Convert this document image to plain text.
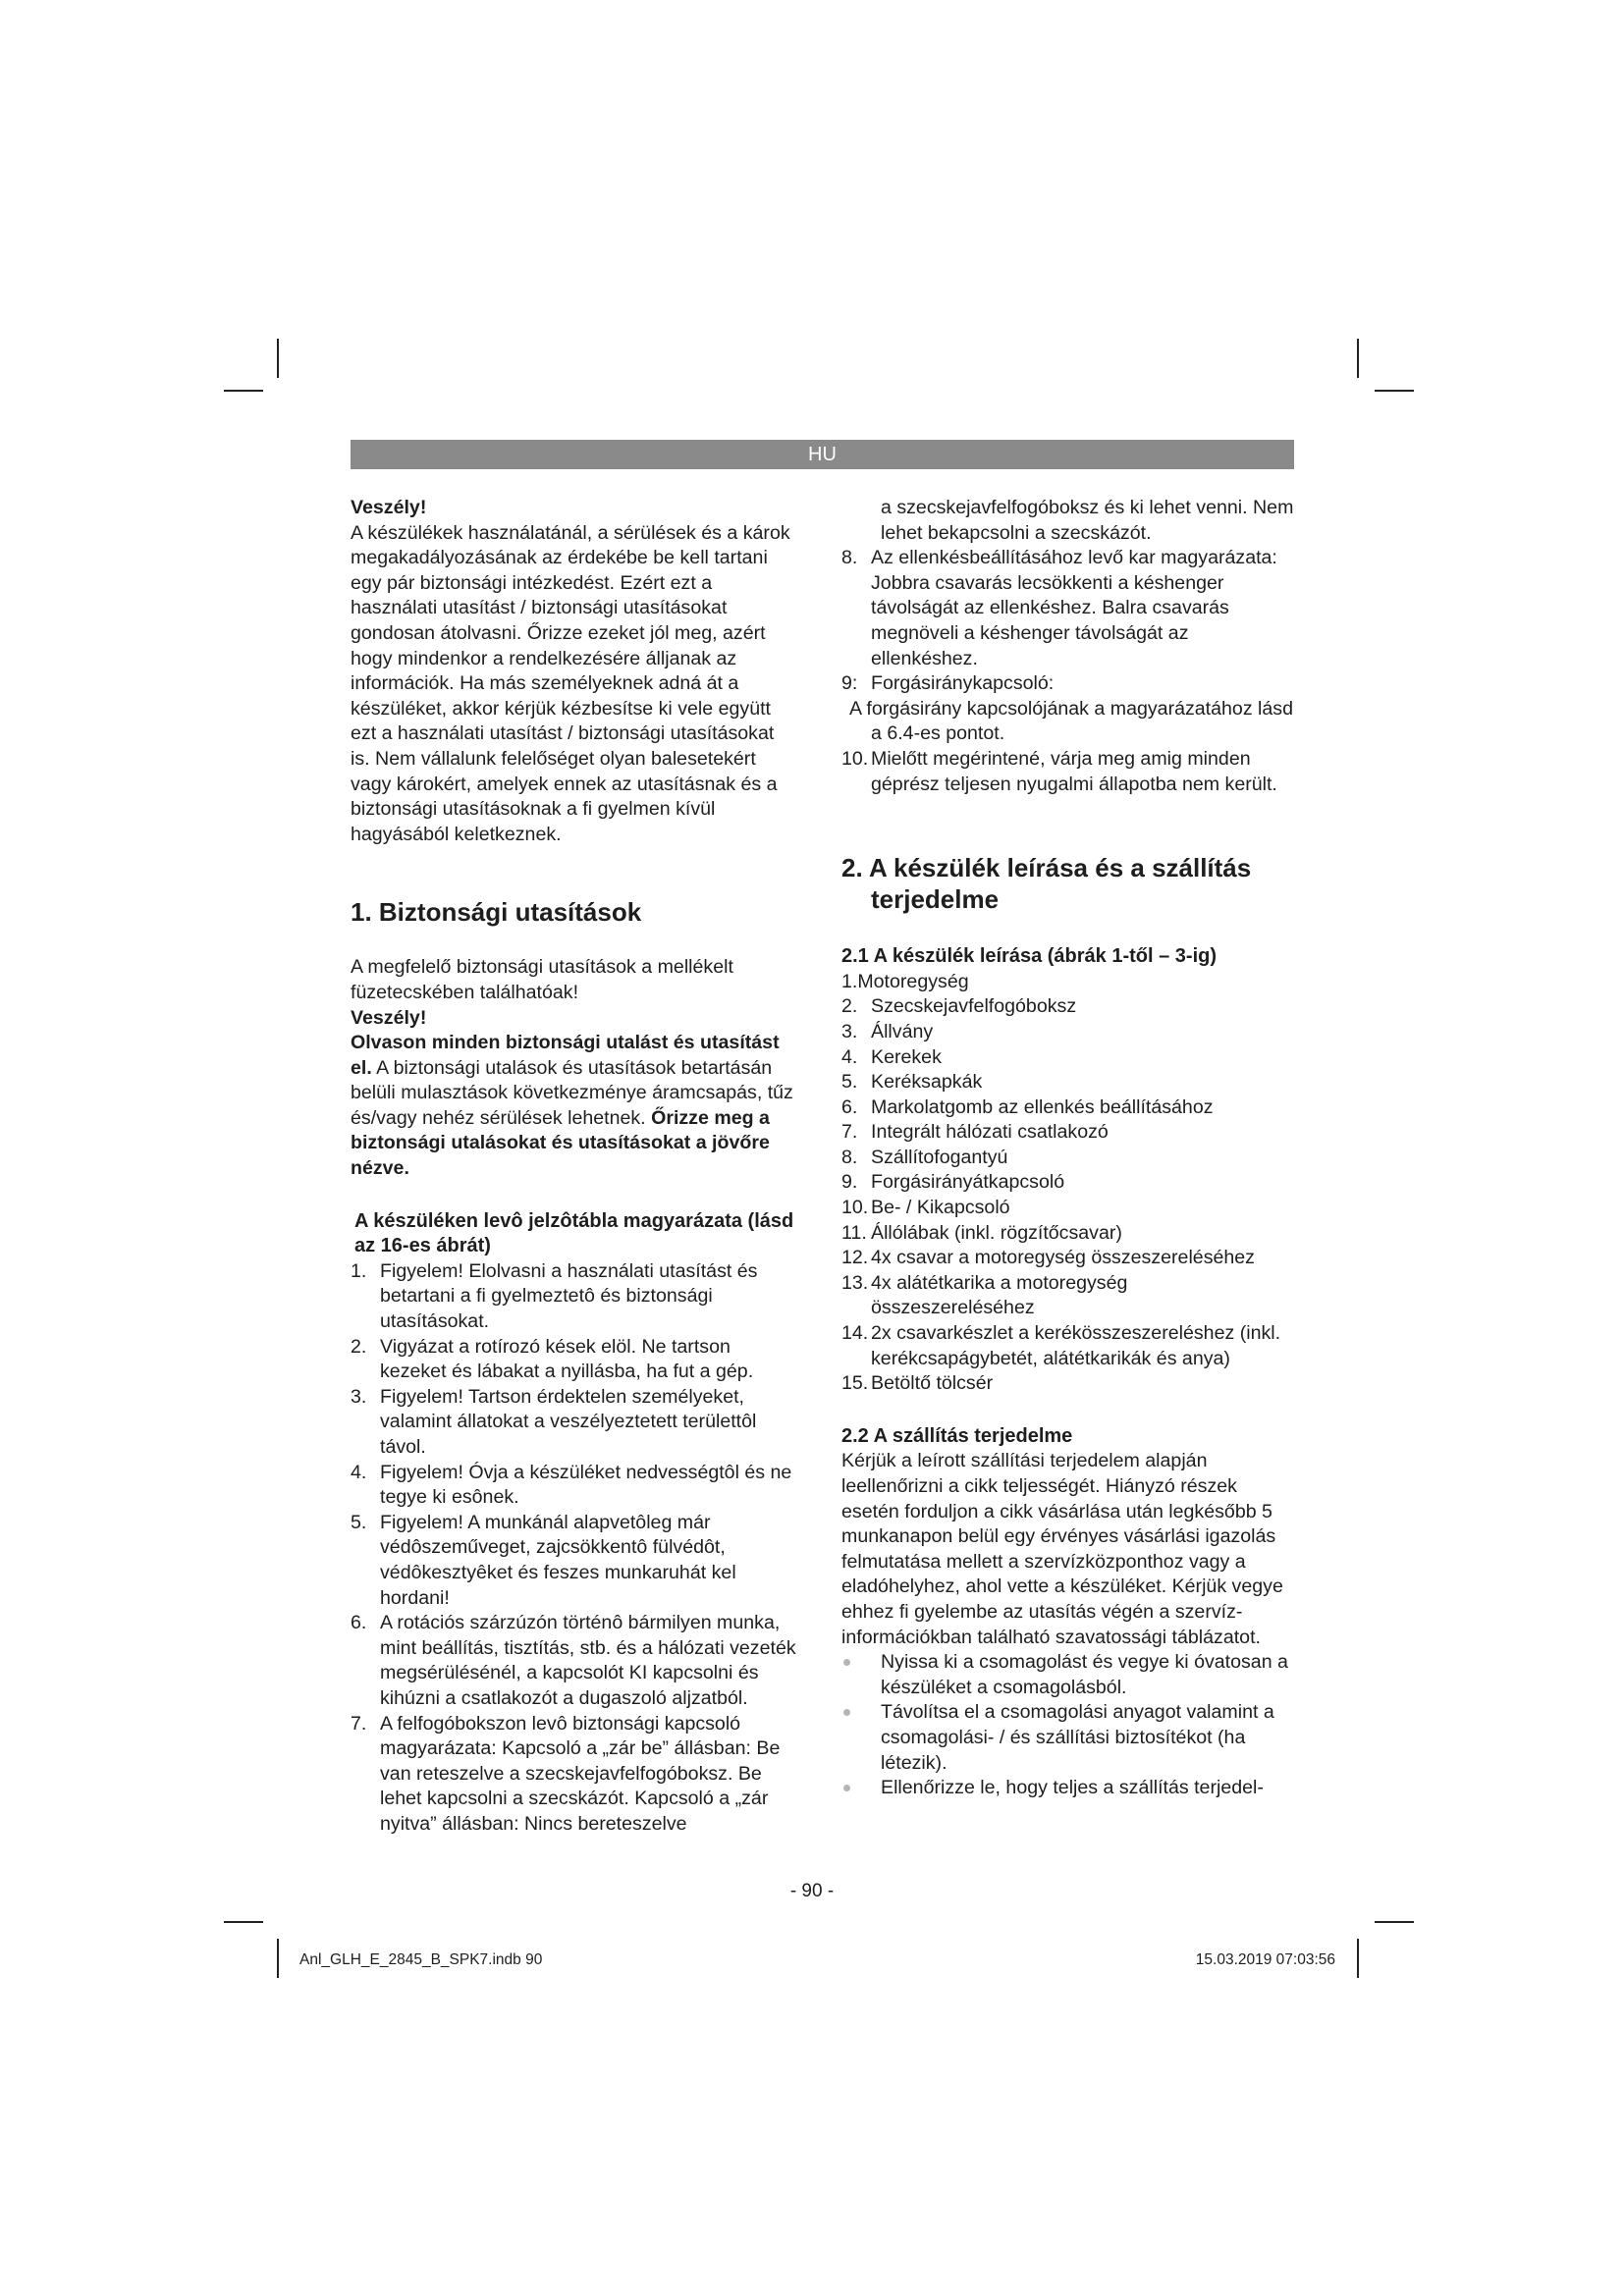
HU

Veszély!

A készülékek használatánál, a sérülések és a károk megakadályozásának az érdekébe be kell tartani egy pár biztonsági intézkedést. Ezért ezt a használati utasítást / biztonsági utasításokat gondosan átolvasni. Őrizze ezeket jól meg, azért hogy mindenkor a rendelkezésére álljanak az információk. Ha más személyeknek adná át a készüléket, akkor kérjük kézbesítse ki vele együtt ezt a használati utasítást / biztonsági utasításokat is. Nem vállalunk felelőséget olyan balesetekért vagy károkért, amelyek ennek az utasításnak és a biztonsági utasításoknak a fi gyelmen kívül hagyásából keletkeznek.

1. Biztonsági utasítások

A megfelelő biztonsági utasítások a mellékelt füzetecskében találhatóak!

Veszély!

Olvason minden biztonsági utalást és utasítást el. A biztonsági utalások és utasítások betartásán belüli mulasztások következménye áramcsapás, tűz és/vagy nehéz sérülések lehetnek. Őrizze meg a biztonsági utalásokat és utasításokat a jövőre nézve.

A készüléken levô jelzôtábla magyarázata (lásd az 16-es ábrát)

1. Figyelem! Elolvasni a használati utasítást és betartani a fi gyelmeztetô és biztonsági utasításokat.
2. Vigyázat a rotírozó kések elöl. Ne tartson kezeket és lábakat a nyillásba, ha fut a gép.
3. Figyelem! Tartson érdektelen személyeket, valamint állatokat a veszélyeztetett területtôl távol.
4. Figyelem! Óvja a készüléket nedvességtôl és ne tegye ki esônek.
5. Figyelem! A munkánál alapvetôleg már védôszeműveget, zajcsökkentô fülvédôt, védôkesztyêket és feszes munkaruhát kel hordani!
6. A rotációs szárzúzón történô bármilyen munka, mint beállítás, tisztítás, stb. és a hálózati vezeték megsérülésénél, a kapcsolót KI kapcsolni és kihúzni a csatlakozót a dugaszoló aljzatból.
7. A felfogóbokszon levô biztonsági kapcsoló magyarázata: Kapcsoló a „zár be” állásban: Be van reteszelve a szecskejavfelfogóboksz. Be lehet kapcsolni a szecskázót. Kapcsoló a „zár nyitva” állásban: Nincs bereteszelve

a szecskejavfelfogóboksz és ki lehet venni. Nem lehet bekapcsolni a szecskázót.

8. Az ellenkésbeállításához levő kar magyarázata: Jobbra csavarás lecsökkenti a késhenger távolságát az ellenkéshez. Balra csavarás megnöveli a késhenger távolságát az ellenkéshez.
9: Forgásiránykapcsoló:

A forgásirány kapcsolójának a magyarázatához lásd a 6.4-es pontot.

10. Mielőtt megérintené, várja meg amig minden géprész teljesen nyugalmi állapotba nem került.

2. A készülék leírása és a szállítás terjedelme

2.1 A készülék leírása (ábrák 1-től – 3-ig)

1.Motoregység

2. Szecskejavfelfogóboksz
3. Állvány
4. Kerekek
5. Keréksapkák
6. Markolatgomb az ellenkés beállításához
7. Integrált hálózati csatlakozó
8. Szállítofogantyú
9. Forgásirányátkapcsoló
10. Be- / Kikapcsoló
11. Állólábak (inkl. rögzítőcsavar)
12. 4x csavar a motoregység összeszereléséhez
13. 4x alátétkarika a motoregység összeszereléséhez
14. 2x csavarkészlet a kerékösszeszereléshez (inkl. kerékcsapágybetét, alátétkarikák és anya)
15. Betöltő tölcsér

2.2 A szállítás terjedelme

Kérjük a leírott szállítási terjedelem alapján leellenőrizni a cikk teljességét. Hiányzó részek esetén forduljon a cikk vásárlása után legkésőbb 5 munkanapon belül egy érvényes vásárlási igazolás felmutatása mellett a szervízközponthoz vagy a eladóhelyhez, ahol vette a készüléket. Kérjük vegye ehhez fi gyelembe az utasítás végén a szervíz-információkban található szavatossági táblázatot.

Nyissa ki a csomagolást és vegye ki óvatosan a készüléket a csomagolásból.
Távolítsa el a csomagolási anyagot valamint a csomagolási- / és szállítási biztosítékot (ha létezik).
Ellenőrizze le, hogy teljes a szállítás terjedel-
- 90 -
Anl_GLH_E_2845_B_SPK7.indb 90	15.03.2019 07:03:56
